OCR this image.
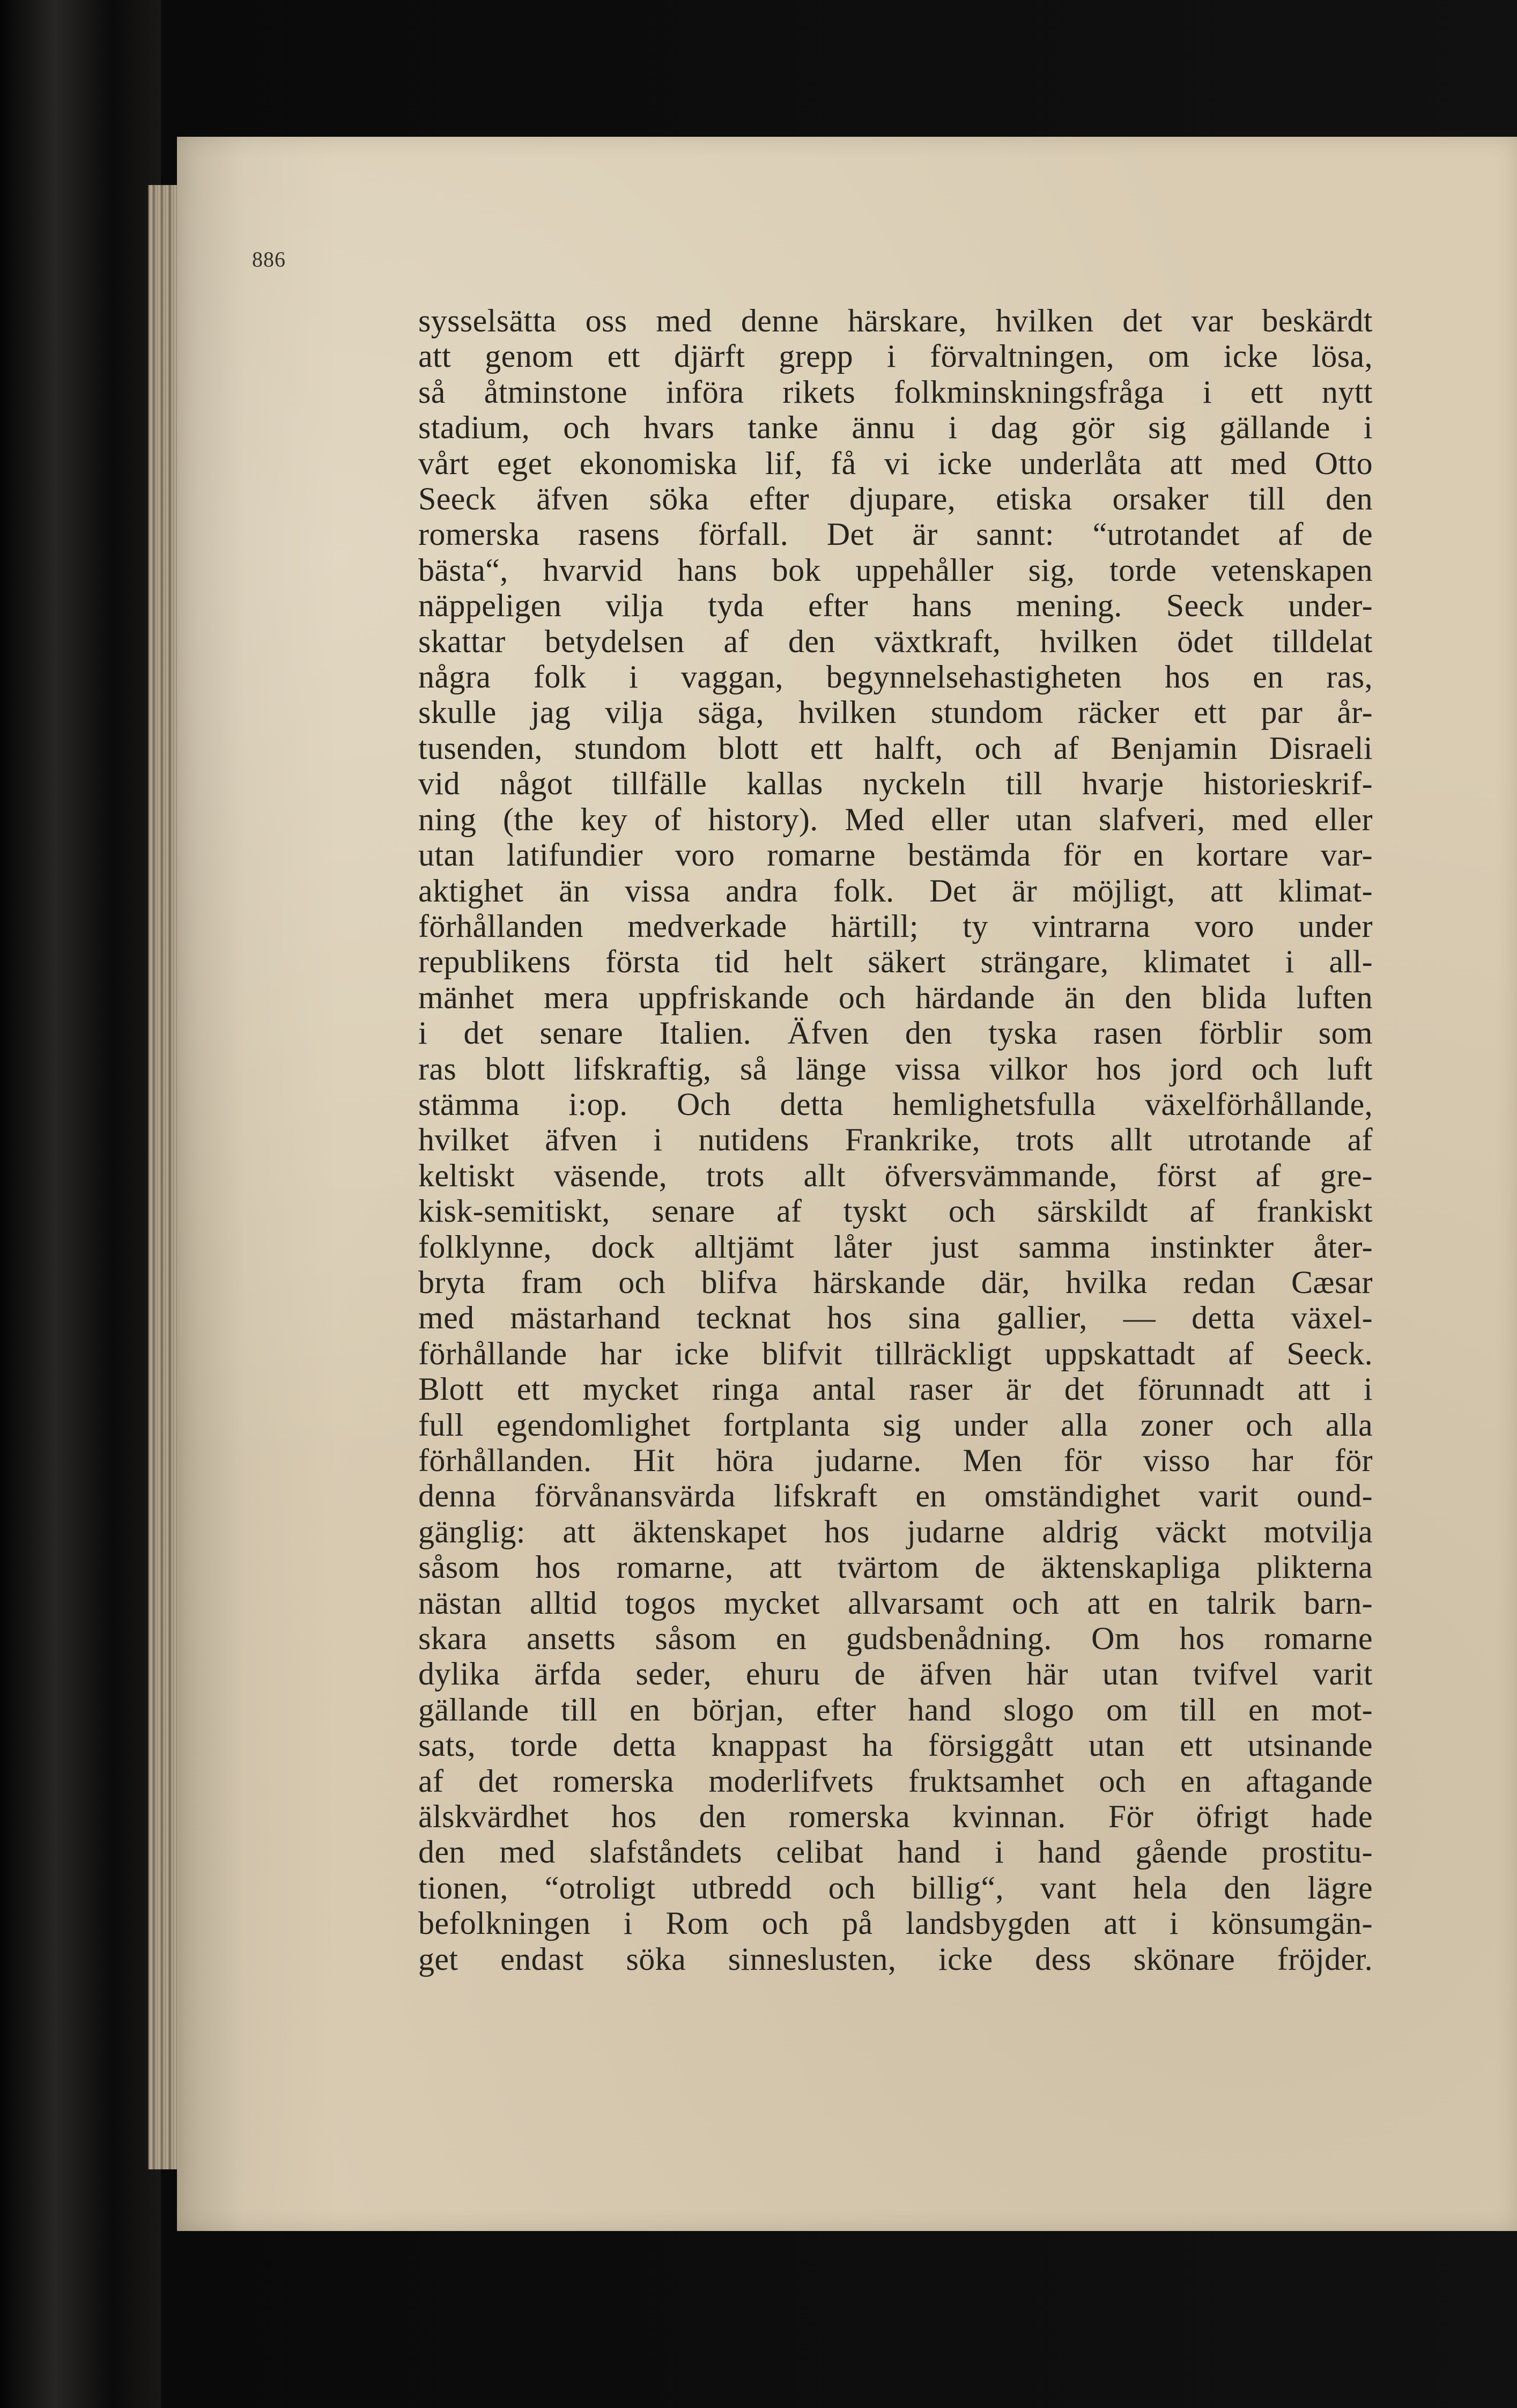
886
sysselsätta oss med denne härskare, hvilken det var beskärdt
att genom ett djärft grepp i förvaltningen, om icke lösa,
så åtminstone införa rikets folkminskningsfråga i ett nytt
stadium, och hvars tanke ännu i dag gör sig gällande i
vårt eget ekonomiska lif, få vi icke underlåta att med Otto
Seeck äfven söka efter djupare, etiska orsaker till den
romerska rasens förfall. Det är sannt: “utrotandet af de
bästa“, hvarvid hans bok uppehåller sig, torde vetenskapen
näppeligen vilja tyda efter hans mening. Seeck under-
skattar betydelsen af den växtkraft, hvilken ödet tilldelat
några folk i vaggan, begynnelsehastigheten hos en ras,
skulle jag vilja säga, hvilken stundom räcker ett par år-
tusenden, stundom blott ett halft, och af Benjamin Disraeli
vid något tillfälle kallas nyckeln till hvarje historieskrif-
ning (the key of history). Med eller utan slafveri, med eller
utan latifundier voro romarne bestämda för en kortare var-
aktighet än vissa andra folk. Det är möjligt, att klimat-
förhållanden medverkade härtill; ty vintrarna voro under
republikens första tid helt säkert strängare, klimatet i all-
mänhet mera uppfriskande och härdande än den blida luften
i det senare Italien. Äfven den tyska rasen förblir som
ras blott lifskraftig, så länge vissa vilkor hos jord och luft
stämma i:op. Och detta hemlighetsfulla växelförhållande,
hvilket äfven i nutidens Frankrike, trots allt utrotande af
keltiskt väsende, trots allt öfversvämmande, först af gre-
kisk-semitiskt, senare af tyskt och särskildt af frankiskt
folklynne, dock alltjämt låter just samma instinkter åter-
bryta fram och blifva härskande där, hvilka redan Cæsar
med mästarhand tecknat hos sina gallier, — detta växel-
förhållande har icke blifvit tillräckligt uppskattadt af Seeck.
Blott ett mycket ringa antal raser är det förunnadt att i
full egendomlighet fortplanta sig under alla zoner och alla
förhållanden. Hit höra judarne. Men för visso har för
denna förvånansvärda lifskraft en omständighet varit ound-
gänglig: att äktenskapet hos judarne aldrig väckt motvilja
såsom hos romarne, att tvärtom de äktenskapliga plikterna
nästan alltid togos mycket allvarsamt och att en talrik barn-
skara ansetts såsom en gudsbenådning. Om hos romarne
dylika ärfda seder, ehuru de äfven här utan tvifvel varit
gällande till en början, efter hand slogo om till en mot-
sats, torde detta knappast ha försiggått utan ett utsinande
af det romerska moderlifvets fruktsamhet och en aftagande
älskvärdhet hos den romerska kvinnan. För öfrigt hade
den med slafståndets celibat hand i hand gående prostitu-
tionen, “otroligt utbredd och billig“, vant hela den lägre
befolkningen i Rom och på landsbygden att i könsumgän-
get endast söka sinneslusten, icke dess skönare fröjder.
